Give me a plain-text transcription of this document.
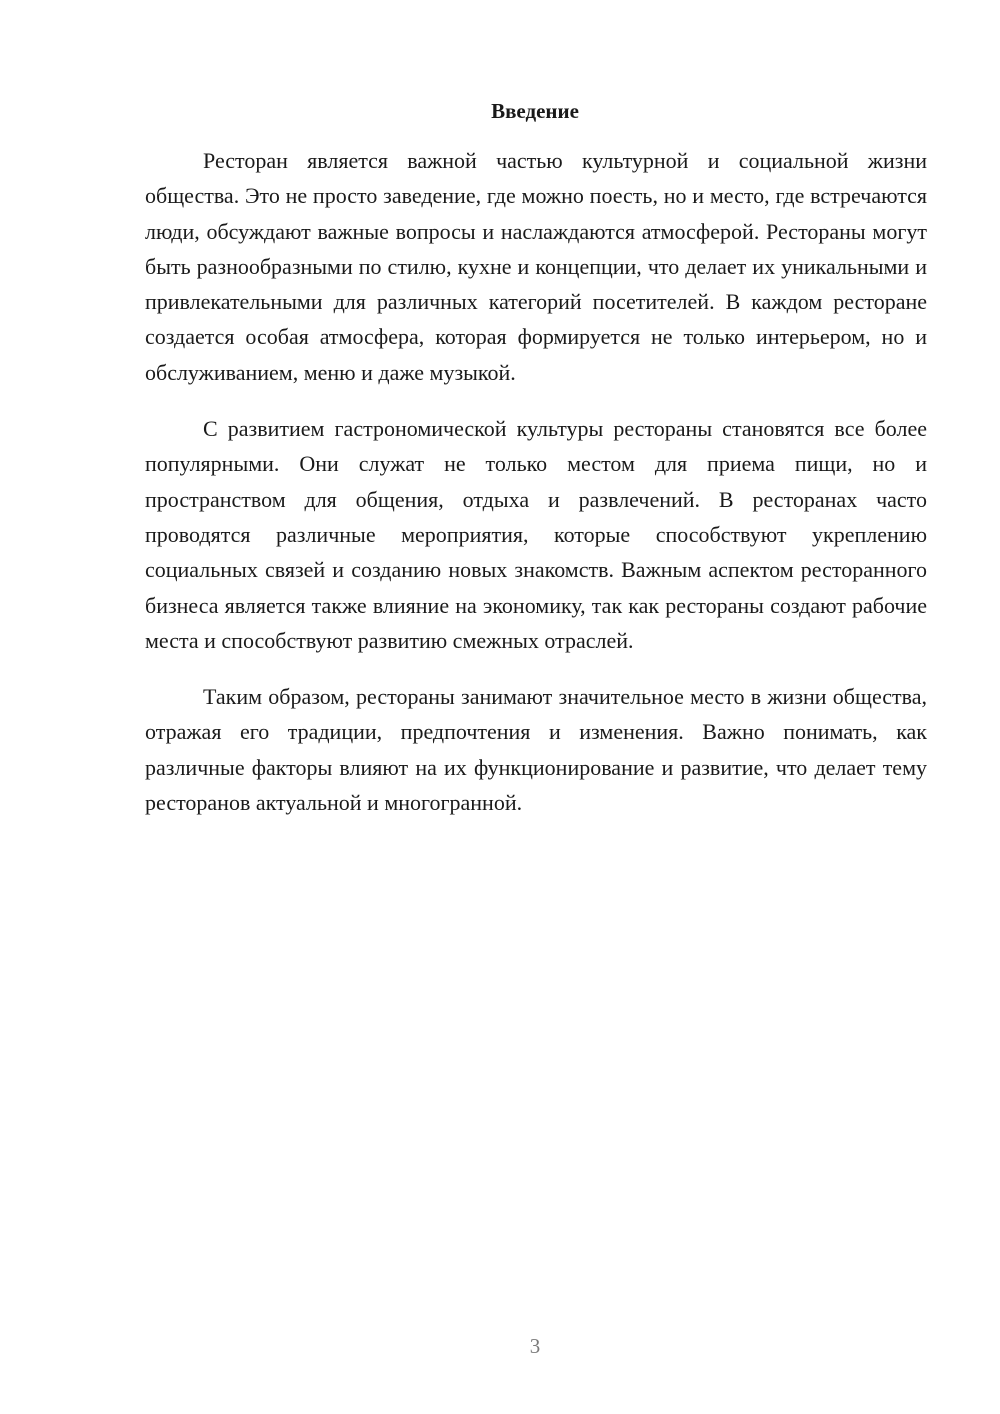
Введение

Ресторан является важной частью культурной и социальной жизни общества. Это не просто заведение, где можно поесть, но и место, где встречаются люди, обсуждают важные вопросы и наслаждаются атмосферой. Рестораны могут быть разнообразными по стилю, кухне и концепции, что делает их уникальными и привлекательными для различных категорий посетителей. В каждом ресторане создается особая атмосфера, которая формируется не только интерьером, но и обслуживанием, меню и даже музыкой.

С развитием гастрономической культуры рестораны становятся все более популярными. Они служат не только местом для приема пищи, но и пространством для общения, отдыха и развлечений. В ресторанах часто проводятся различные мероприятия, которые способствуют укреплению социальных связей и созданию новых знакомств. Важным аспектом ресторанного бизнеса является также влияние на экономику, так как рестораны создают рабочие места и способствуют развитию смежных отраслей.

Таким образом, рестораны занимают значительное место в жизни общества, отражая его традиции, предпочтения и изменения. Важно понимать, как различные факторы влияют на их функционирование и развитие, что делает тему ресторанов актуальной и многогранной.

3
